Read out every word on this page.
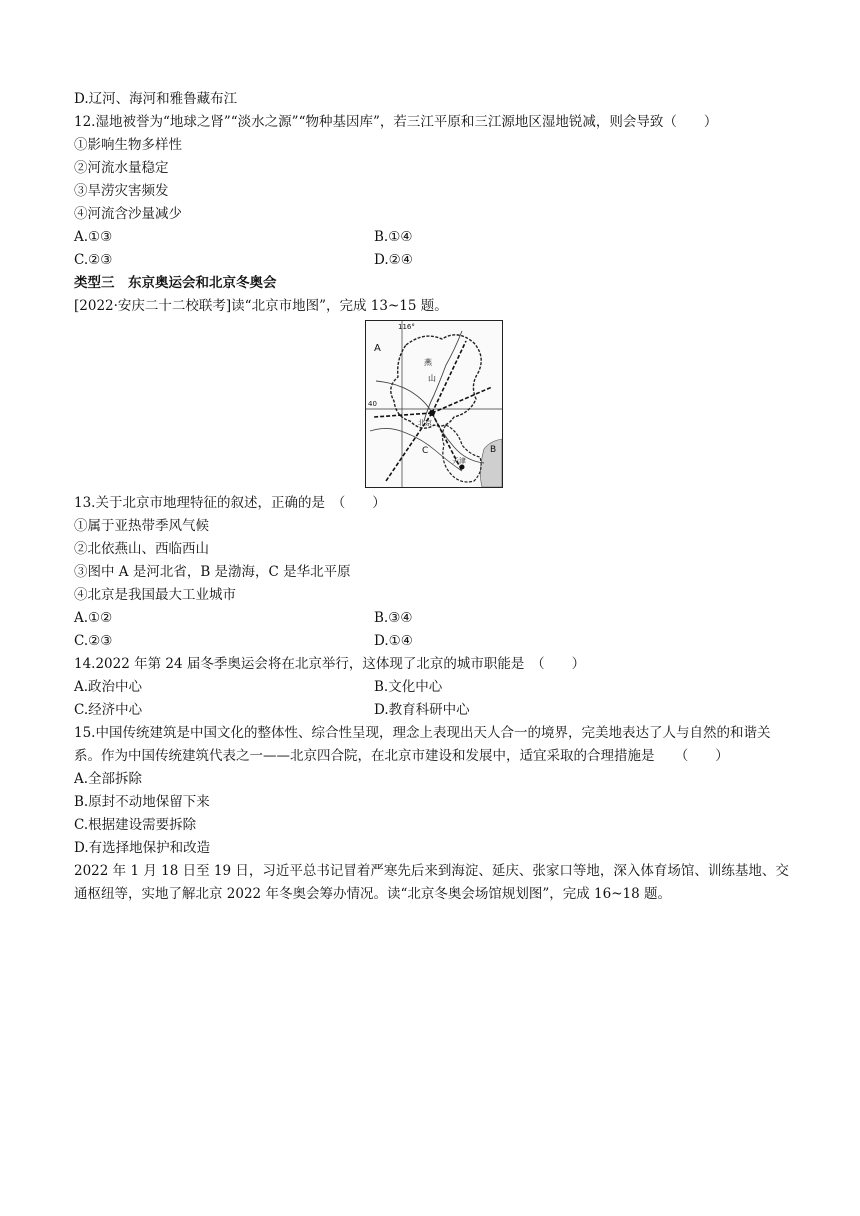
D.辽河、海河和雅鲁藏布江
12.湿地被誉为“地球之肾”“淡水之源”“物种基因库”，若三江平原和三江源地区湿地锐减，则会导致（　　）
①影响生物多样性
②河流水量稳定
③旱涝灾害频发
④河流含沙量减少
A.①③	B.①④
C.②③	D.②④
类型三　东京奥运会和北京冬奥会
[2022·安庆二十二校联考]读“北京市地图”，完成 13~15 题。
116°
40
A
B
C
北京
天津
燕
山
13.关于北京市地理特征的叙述，正确的是　（　　）
①属于亚热带季风气候
②北依燕山、西临西山
③图中 A 是河北省，B 是渤海，C 是华北平原
④北京是我国最大工业城市
A.①②	B.③④
C.②③	D.①④
14.2022 年第 24 届冬季奥运会将在北京举行，这体现了北京的城市职能是　（　　）
A.政治中心	B.文化中心
C.经济中心	D.教育科研中心
15.中国传统建筑是中国文化的整体性、综合性呈现，理念上表现出天人合一的境界，完美地表达了人与自然的和谐关系。作为中国传统建筑代表之一——北京四合院，在北京市建设和发展中，适宜采取的合理措施是　　（　　）
A.全部拆除
B.原封不动地保留下来
C.根据建设需要拆除
D.有选择地保护和改造
2022 年 1 月 18 日至 19 日，习近平总书记冒着严寒先后来到海淀、延庆、张家口等地，深入体育场馆、训练基地、交通枢纽等，实地了解北京 2022 年冬奥会筹办情况。读“北京冬奥会场馆规划图”，完成 16~18 题。
